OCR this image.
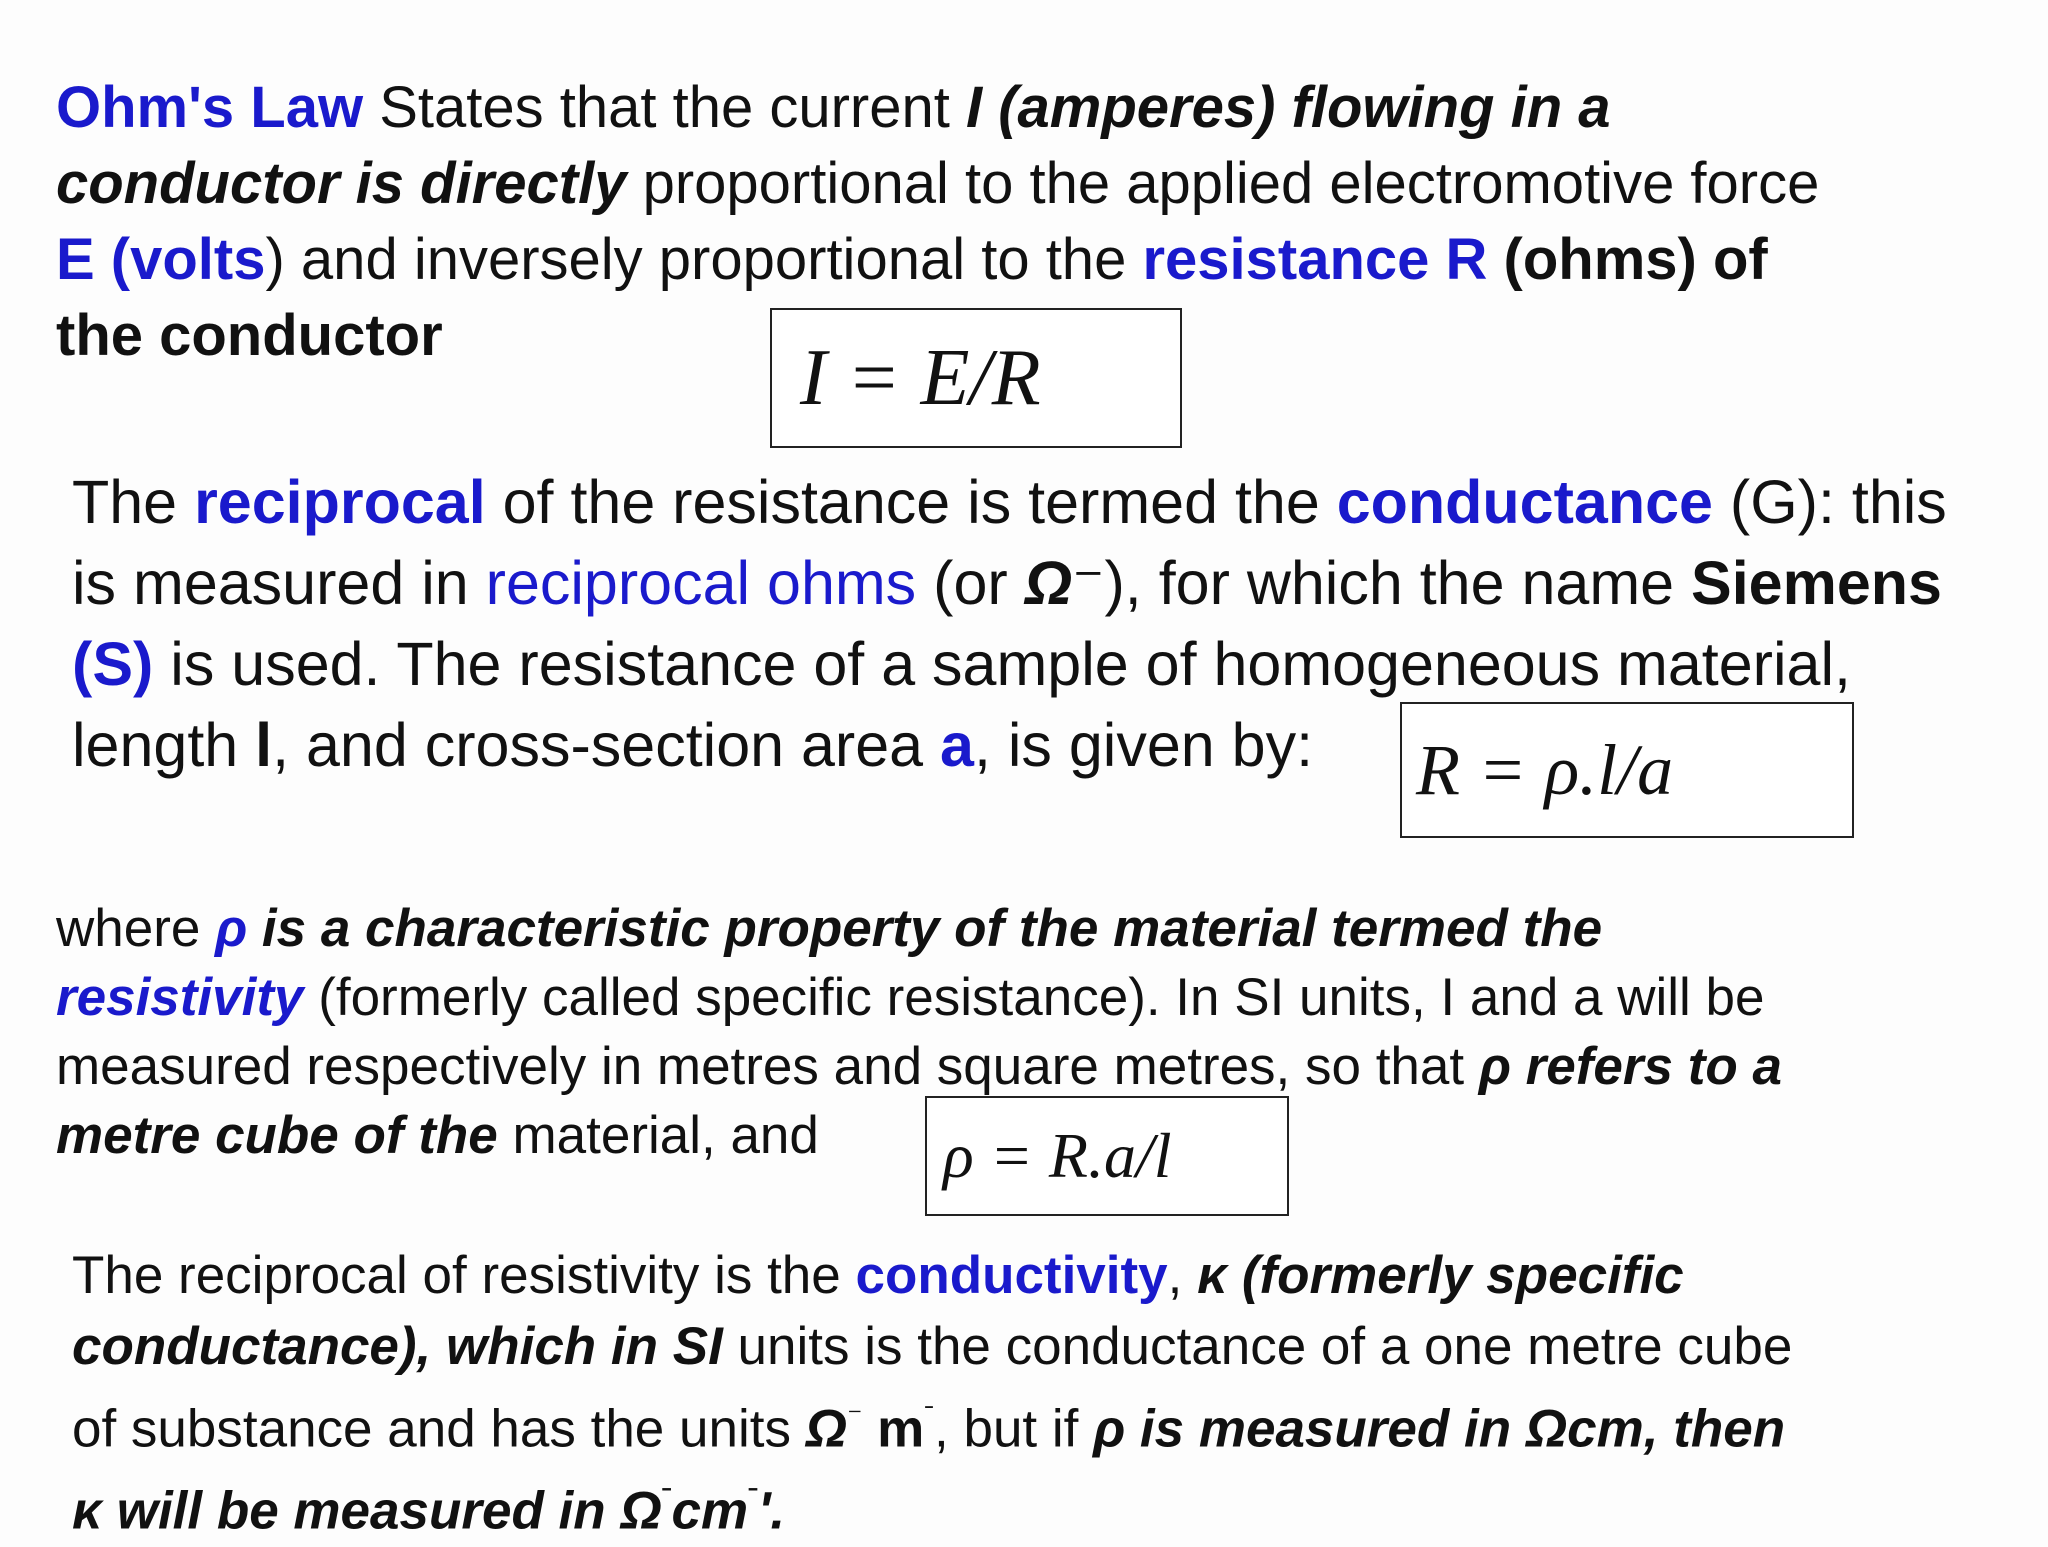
Ohm's Law States that the current I (amperes) flowing in a
conductor is directly proportional to the applied electromotive force
E (volts) and inversely proportional to the resistance R (ohms) of
the conductor	I = E/R
The reciprocal of the resistance is termed the conductance (G): this
is measured in reciprocal ohms (or Ω⁻), for which the name Siemens
(S) is used. The resistance of a sample of homogeneous material,
length l, and cross-section area a, is given by:	R = ρ.l/a
where ρ is a characteristic property of the material termed the
resistivity (formerly called specific resistance). In SI units, I and a will be
measured respectively in metres and square metres, so that ρ refers to a
metre cube of the material, and	ρ = R.a/l
The reciprocal of resistivity is the conductivity, κ (formerly specific
conductance), which in SI units is the conductance of a one metre cube
of substance and has the units Ω⁻ $m^ˉ$, but if ρ is measured in Ωcm, then
κ will be measured in $\Omega^ˉcm^ˉ'$.
